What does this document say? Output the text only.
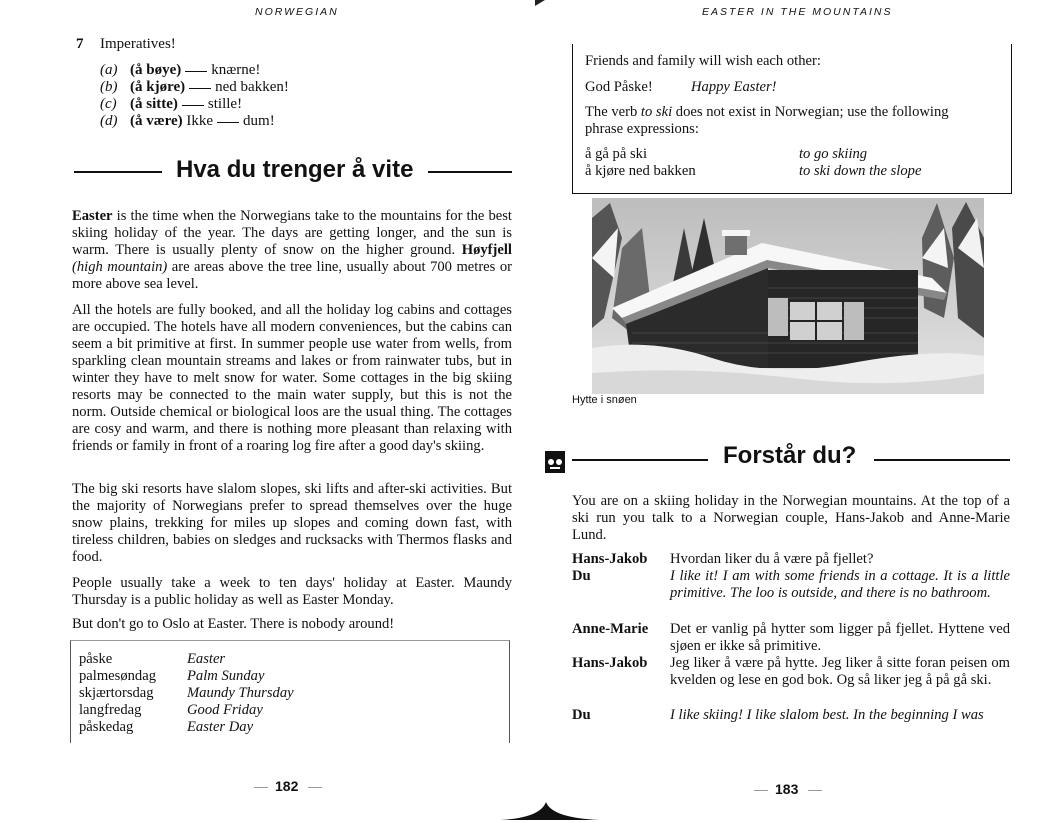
NORWEGIAN	EASTER IN THE MOUNTAINS
7 Imperatives!
(a) (å bøye) knærne!
(b) (å kjøre) ned bakken!
(c) (å sitte) stille!
(d) (å være) Ikke dum!
Hva du trenger å vite
Easter is the time when the Norwegians take to the mountains for the best skiing holiday of the year. The days are getting longer, and the sun is warm. There is usually plenty of snow on the higher ground. Høyfjell (high mountain) are areas above the tree line, usually about 700 metres or more above sea level.
All the hotels are fully booked, and all the holiday log cabins and cottages are occupied. The hotels have all modern conveniences, but the cabins can seem a bit primitive at first. In summer people use water from wells, from sparkling clean mountain streams and lakes or from rainwater tubs, but in winter they have to melt snow for water. Some cottages in the big skiing resorts may be connected to the main water supply, but this is not the norm. Outside chemical or biological loos are the usual thing. The cottages are cosy and warm, and there is nothing more pleasant than relaxing with friends or family in front of a roaring log fire after a good day's skiing.
The big ski resorts have slalom slopes, ski lifts and after-ski activities. But the majority of Norwegians prefer to spread themselves over the huge snow plains, trekking for miles up slopes and coming down fast, with tireless children, babies on sledges and rucksacks with Thermos flasks and food.
People usually take a week to ten days' holiday at Easter. Maundy Thursday is a public holiday as well as Easter Monday.
But don't go to Oslo at Easter. There is nobody around!
påske	Easter
palmesøndag Palm Sunday
skjærtorsdag Maundy Thursday
langfredag	Good Friday
påskedag	Easter Day
182
Friends and family will wish each other:
God Påske!	Happy Easter!
The verb to ski does not exist in Norwegian; use the following
phrase expressions:
å gå på ski	to go skiing
å kjøre ned bakken	to ski down the slope
Hytte i snøen
Forstår du?
You are on a skiing holiday in the Norwegian mountains. At the top of a ski run you talk to a Norwegian couple, Hans-Jakob and Anne-Marie Lund.
Hans-Jakob Hvordan liker du å være på fjellet?
Du	I like it! I am with some friends in a cottage. It is a little primitive. The loo is outside, and there is no bathroom.
Anne-Marie Det er vanlig på hytter som ligger på fjellet. Hyttene ved sjøen er ikke så primitive.
Hans-Jakob Jeg liker å være på hytte. Jeg liker å sitte foran peisen om kvelden og lese en god bok. Og så liker jeg å på gå ski.
Du	I like skiing! I like slalom best. In the beginning I was
183
